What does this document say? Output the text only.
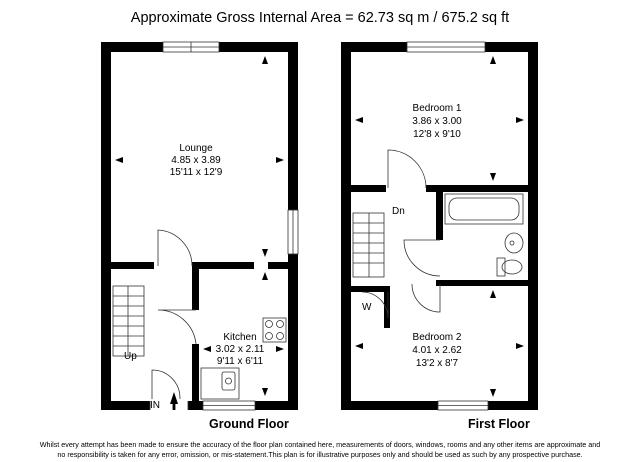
Approximate Gross Internal Area = 62.73 sq m / 675.2 sq ft
Lounge
4.85 x 3.89
15'11 x 12'9
Kitchen
3.02 x 2.11
9'11 x 6'11
Up
IN
Ground Floor
Bedroom 1
3.86 x 3.00
12'8 x 9'10
Bedroom 2
4.01 x 2.62
13'2 x 8'7
Dn
W
First Floor
Whilst every attempt has been made to ensure the accuracy of the floor plan contained here, measurements of doors, windows, rooms and any other items are approximate and
no responsibility is taken for any error, omission, or mis-statement.This plan is for illustrative purposes only and should be used as such by any prospective purchase.
